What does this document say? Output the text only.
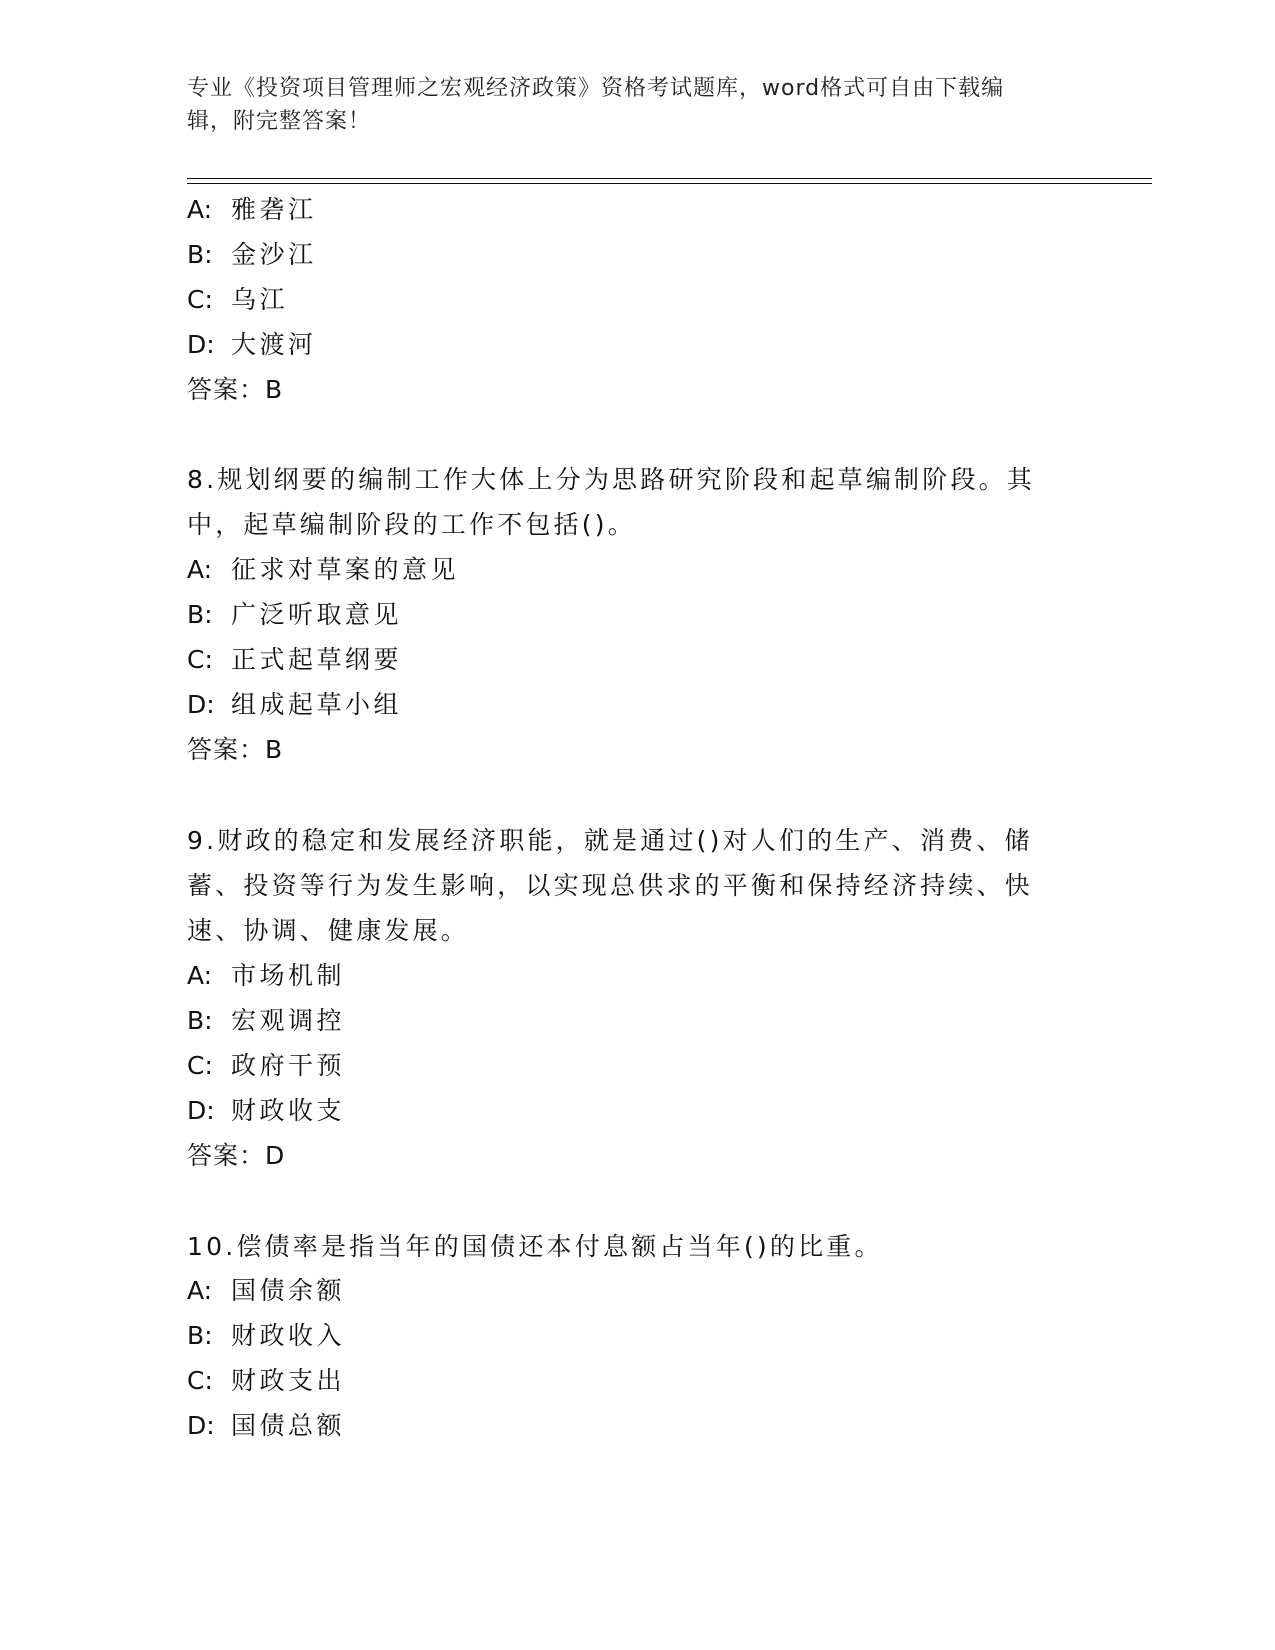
专业《投资项目管理师之宏观经济政策》资格考试题库，word格式可自由下载编
辑，附完整答案！
A: 雅砻江
B: 金沙江
C: 乌江
D: 大渡河
答案：B
8.规划纲要的编制工作大体上分为思路研究阶段和起草编制阶段。其
中，起草编制阶段的工作不包括()。
A: 征求对草案的意见
B: 广泛听取意见
C: 正式起草纲要
D: 组成起草小组
答案：B
9.财政的稳定和发展经济职能，就是通过()对人们的生产、消费、储
蓄、投资等行为发生影响，以实现总供求的平衡和保持经济持续、快
速、协调、健康发展。
A: 市场机制
B: 宏观调控
C: 政府干预
D: 财政收支
答案：D
10.偿债率是指当年的国债还本付息额占当年()的比重。
A: 国债余额
B: 财政收入
C: 财政支出
D: 国债总额
